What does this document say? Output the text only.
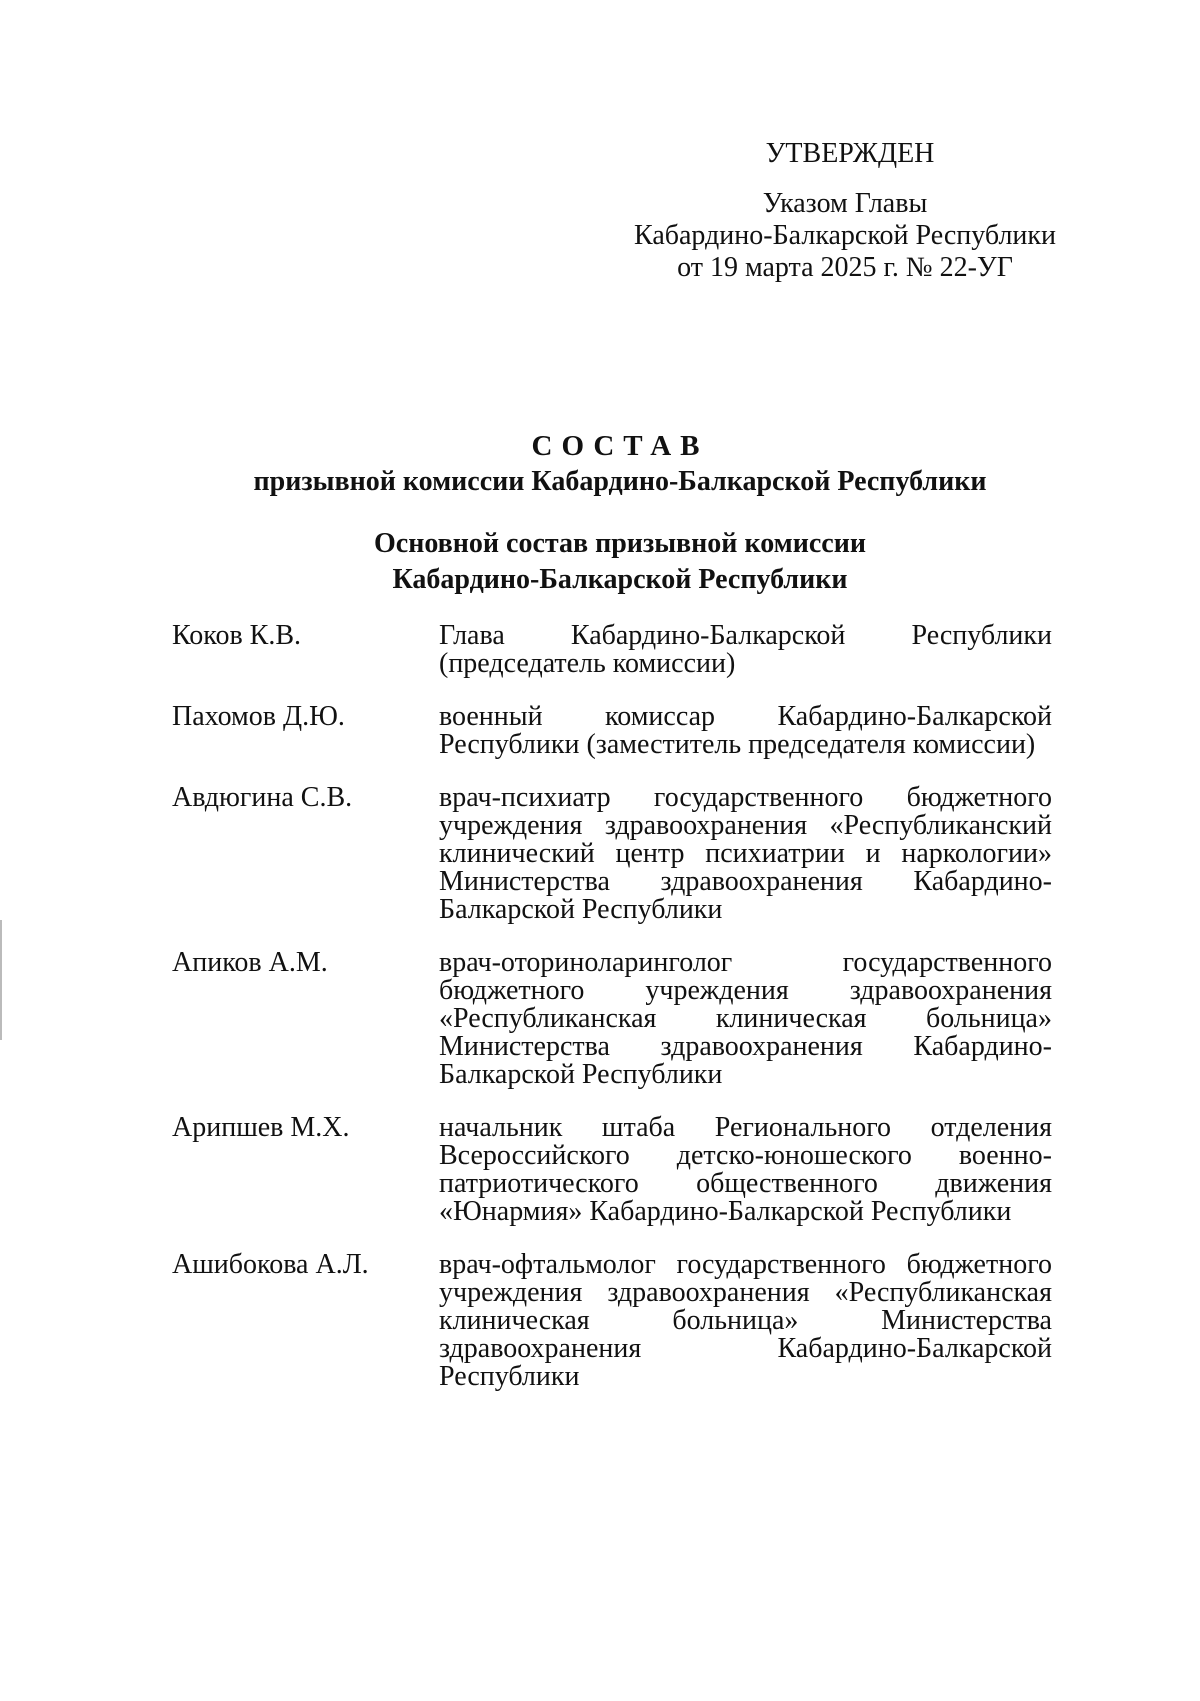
УТВЕРЖДЕН
Указом Главы
Кабардино-Балкарской Республики
от 19 марта 2025 г. № 22-УГ
СОСТАВ
призывной комиссии Кабардино-Балкарской Республики
Основной состав призывной комиссии
Кабардино-Балкарской Республики
Коков К.В.	Глава Кабардино-Балкарской Республики (председатель комиссии)
Пахомов Д.Ю.	военный комиссар Кабардино-Балкарской Республики (заместитель председателя комиссии)
Авдюгина С.В.	врач-психиатр государственного бюджетного учреждения здравоохранения «Республиканский клинический центр психиатрии и наркологии» Министерства здравоохранения Кабардино-Балкарской Республики
Апиков А.М.	врач-оториноларинголог государственного бюджетного учреждения здравоохранения «Республиканская клиническая больница» Министерства здравоохранения Кабардино-Балкарской Республики
Арипшев М.Х.	начальник штаба Регионального отделения Всероссийского детско-юношеского военно-патриотического общественного движения «Юнармия» Кабардино-Балкарской Республики
Ашибокова А.Л.	врач-офтальмолог государственного бюджетного учреждения здравоохранения «Республиканская клиническая больница» Министерства здравоохранения Кабардино-Балкарской Республики
